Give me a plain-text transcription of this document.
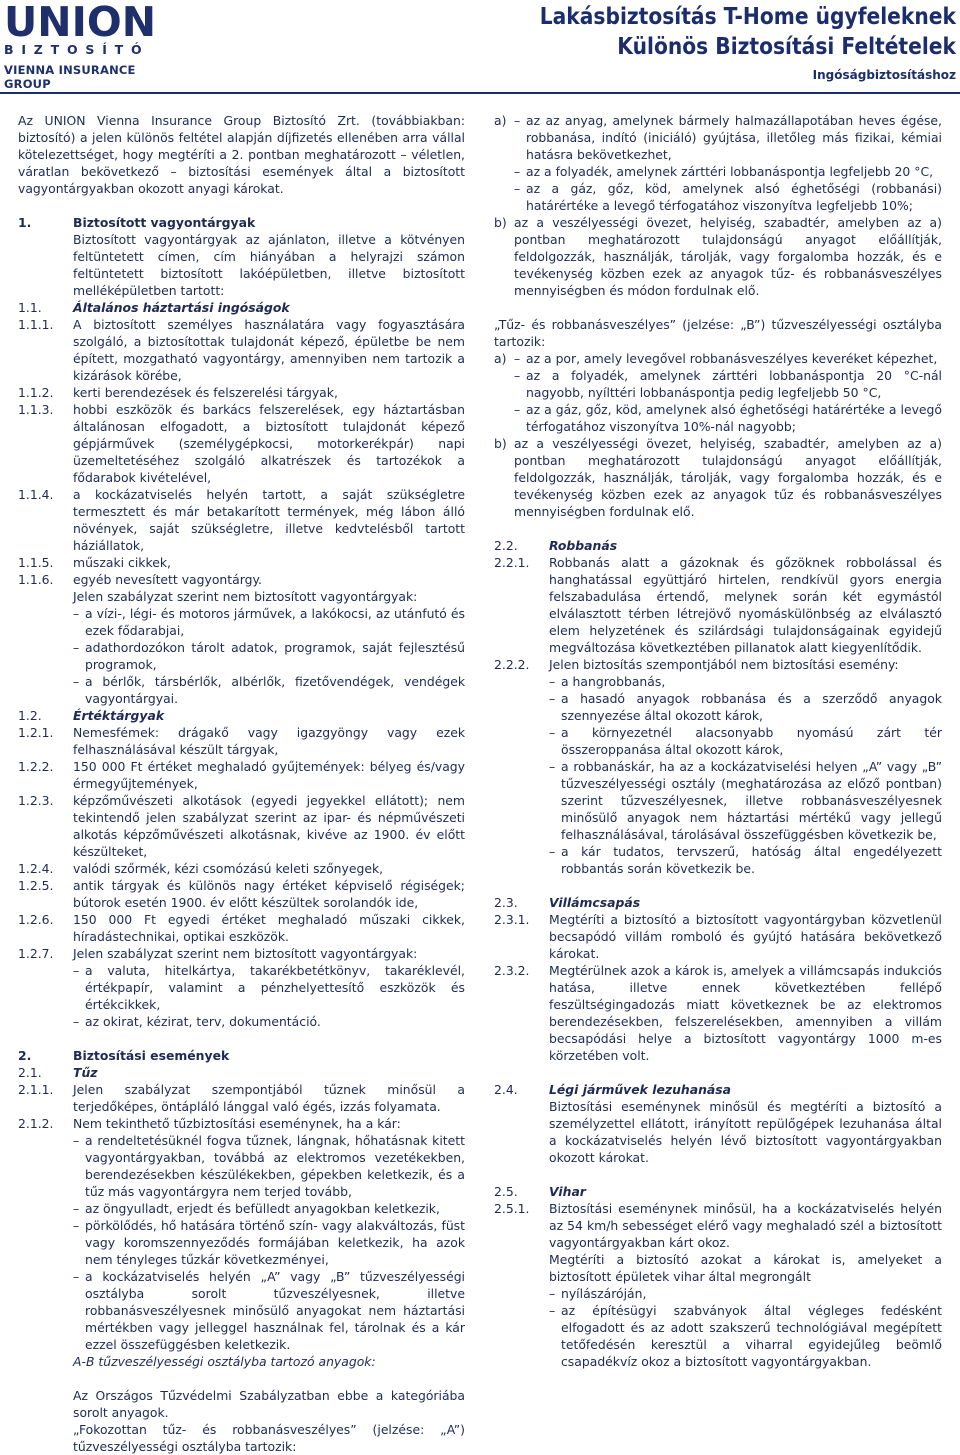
UNION
BIZTOSÍTÓ
VIENNA INSURANCE GROUP
Lakásbiztosítás T-Home ügyfeleknek
Különös Biztosítási Feltételek
Ingóságbiztosításhoz
Az UNION Vienna Insurance Group Biztosító Zrt. (továbbiakban: biztosító) a jelen különös feltétel alapján díjfizetés ellenében arra vállal kötelezettséget, hogy megtéríti a 2. pontban meghatározott – véletlen, váratlan bekövetkező – biztosítási események által a biztosított vagyontárgyakban okozott anyagi károkat.
1.	Biztosított vagyontárgyak
Biztosított vagyontárgyak az ajánlaton, illetve a kötvényen feltüntetett címen, cím hiányában a helyrajzi számon feltüntetett biztosított lakóépületben, illetve biztosított melléképületben tartott:
1.1.	Általános háztartási ingóságok
1.1.1.	A biztosított személyes használatára vagy fogyasztására szolgáló, a biztosítottak tulajdonát képező, épületbe be nem épített, mozgatható vagyontárgy, amennyiben nem tartozik a kizárások körébe,
1.1.2.	kerti berendezések és felszerelési tárgyak,
1.1.3.	hobbi eszközök és barkács felszerelések, egy háztartásban általánosan elfogadott, a biztosított tulajdonát képező gépjárművek (személygépkocsi, motorkerékpár) napi üzemeltetéséhez szolgáló alkatrészek és tartozékok a fődarabok kivételével,
1.1.4.	a kockázatviselés helyén tartott, a saját szükségletre termesztett és már betakarított termények, még lábon álló növények, saját szükségletre, illetve kedvtelésből tartott háziállatok,
1.1.5.	műszaki cikkek,
1.1.6.	egyéb nevesített vagyontárgy.
Jelen szabályzat szerint nem biztosított vagyontárgyak:
– a vízi-, légi- és motoros járművek, a lakókocsi, az utánfutó és ezek fődarabjai,
– adathordozókon tárolt adatok, programok, saját fejlesztésű programok,
– a bérlők, társbérlők, albérlők, fizetővendégek, vendégek vagyontárgyai.
1.2.	Értéktárgyak
1.2.1.	Nemesfémek: drágakő vagy igazgyöngy vagy ezek felhasználásával készült tárgyak,
1.2.2.	150 000 Ft értéket meghaladó gyűjtemények: bélyeg és/vagy érmegyűjtemények,
1.2.3.	képzőművészeti alkotások (egyedi jegyekkel ellátott); nem tekintendő jelen szabályzat szerint az ipar- és népművészeti alkotás képzőművészeti alkotásnak, kivéve az 1900. év előtt készülteket,
1.2.4.	valódi szőrmék, kézi csomózású keleti szőnyegek,
1.2.5.	antik tárgyak és különös nagy értéket képviselő régiségek; bútorok esetén 1900. év előtt készültek sorolandók ide,
1.2.6.	150 000 Ft egyedi értéket meghaladó műszaki cikkek, híradástechnikai, optikai eszközök.
1.2.7.	Jelen szabályzat szerint nem biztosított vagyontárgyak:
– a valuta, hitelkártya, takarékbetétkönyv, takaréklevél, értékpapír, valamint a pénzhelyettesítő eszközök és értékcikkek,
– az okirat, kézirat, terv, dokumentáció.
2.	Biztosítási események
2.1.	Tűz
2.1.1.	Jelen szabályzat szempontjából tűznek minősül a terjedőképes, öntápláló lánggal való égés, izzás folyamata.
2.1.2.	Nem tekinthető tűzbiztosítási eseménynek, ha a kár:
– a rendeltetésüknél fogva tűznek, lángnak, hőhatásnak kitett vagyontárgyakban, továbbá az elektromos vezetékekben, berendezésekben készülékekben, gépekben keletkezik, és a tűz más vagyontárgyra nem terjed tovább,
– az öngyulladt, erjedt és befülledt anyagokban keletkezik,
– pörkölődés, hő hatására történő szín- vagy alakváltozás, füst vagy koromszennyeződés formájában keletkezik, ha azok nem tényleges tűzkár következményei,
– a kockázatviselés helyén „A” vagy „B” tűzveszélyességi osztályba sorolt tűzveszélyesnek, illetve robbanásveszélyesnek minősülő anyagokat nem háztartási mértékben vagy jelleggel használnak fel, tárolnak és a kár ezzel összefüggésben keletkezik.
A-B tűzveszélyességi osztályba tartozó anyagok:
Az Országos Tűzvédelmi Szabályzatban ebbe a kategóriába sorolt anyagok.
„Fokozottan tűz- és robbanásveszélyes” (jelzése: „A”) tűzveszélyességi osztályba tartozik:
a) – az az anyag, amelynek bármely halmazállapotában heves égése, robbanása, indító (iniciáló) gyújtása, illetőleg más fizikai, kémiai hatásra bekövetkezhet,
– az a folyadék, amelynek zárttéri lobbanáspontja legfeljebb 20 °C,
– az a gáz, gőz, köd, amelynek alsó éghetőségi (robbanási) határértéke a levegő térfogatához viszonyítva legfeljebb 10%;
b) az a veszélyességi övezet, helyiség, szabadtér, amelyben az a) pontban meghatározott tulajdonságú anyagot előállítják, feldolgozzák, használják, tárolják, vagy forgalomba hozzák, és e tevékenység közben ezek az anyagok tűz- és robbanásveszélyes mennyiségben és módon fordulnak elő.
„Tűz- és robbanásveszélyes” (jelzése: „B”) tűzveszélyességi osztályba tartozik:
a) – az a por, amely levegővel robbanásveszélyes keveréket képezhet,
– az a folyadék, amelynek zárttéri lobbanáspontja 20 °C-nál nagyobb, nyílttéri lobbanáspontja pedig legfeljebb 50 °C,
– az a gáz, gőz, köd, amelynek alsó éghetőségi határértéke a levegő térfogatához viszonyítva 10%-nál nagyobb;
b) az a veszélyességi övezet, helyiség, szabadtér, amelyben az a) pontban meghatározott tulajdonságú anyagot előállítják, feldolgozzák, használják, tárolják, vagy forgalomba hozzák, és e tevékenység közben ezek az anyagok tűz és robbanásveszélyes mennyiségben fordulnak elő.
2.2.	Robbanás
2.2.1.	Robbanás alatt a gázoknak és gőzöknek robbolással és hanghatással együttjáró hirtelen, rendkívül gyors energia felszabadulása értendő, melynek során két egymástól elválasztott térben létrejövő nyomáskülönbség az elválasztó elem helyzetének és szilárdsági tulajdonságainak egyidejű megváltozása következtében pillanatok alatt kiegyenlítődik.
2.2.2.	Jelen biztosítás szempontjából nem biztosítási esemény:
– a hangrobbanás,
– a hasadó anyagok robbanása és a szerződő anyagok szennyezése által okozott károk,
– a környezetnél alacsonyabb nyomású zárt tér összeroppanása által okozott károk,
– a robbanáskár, ha az a kockázatviselési helyen „A” vagy „B” tűzveszélyességi osztály (meghatározása az előző pontban) szerint tűzveszélyesnek, illetve robbanásveszélyesnek minősülő anyagok nem háztartási mértékű vagy jellegű felhasználásával, tárolásával összefüggésben következik be,
– a kár tudatos, tervszerű, hatóság által engedélyezett robbantás során következik be.
2.3.	Villámcsapás
2.3.1.	Megtéríti a biztosító a biztosított vagyontárgyban közvetlenül becsapódó villám romboló és gyújtó hatására bekövetkező károkat.
2.3.2.	Megtérülnek azok a károk is, amelyek a villámcsapás indukciós hatása, illetve ennek következtében fellépő feszültségingadozás miatt következnek be az elektromos berendezésekben, felszerelésekben, amennyiben a villám becsapódási helye a biztosított vagyontárgy 1000 m-es körzetében volt.
2.4.	Légi járművek lezuhanása
Biztosítási eseménynek minősül és megtéríti a biztosító a személyzettel ellátott, irányított repülőgépek lezuhanása által a kockázatviselés helyén lévő biztosított vagyontárgyakban okozott károkat.
2.5.	Vihar
2.5.1.	Biztosítási eseménynek minősül, ha a kockázatviselés helyén az 54 km/h sebességet elérő vagy meghaladó szél a biztosított vagyontárgyakban kárt okoz.
Megtéríti a biztosító azokat a károkat is, amelyeket a biztosított épületek vihar által megrongált
– nyílászáróján,
– az építésügyi szabványok által végleges fedésként elfogadott és az adott szakszerű technológiával megépített tetőfedésén keresztül a viharral egyidejűleg beömlő csapadékvíz okoz a biztosított vagyontárgyakban.
